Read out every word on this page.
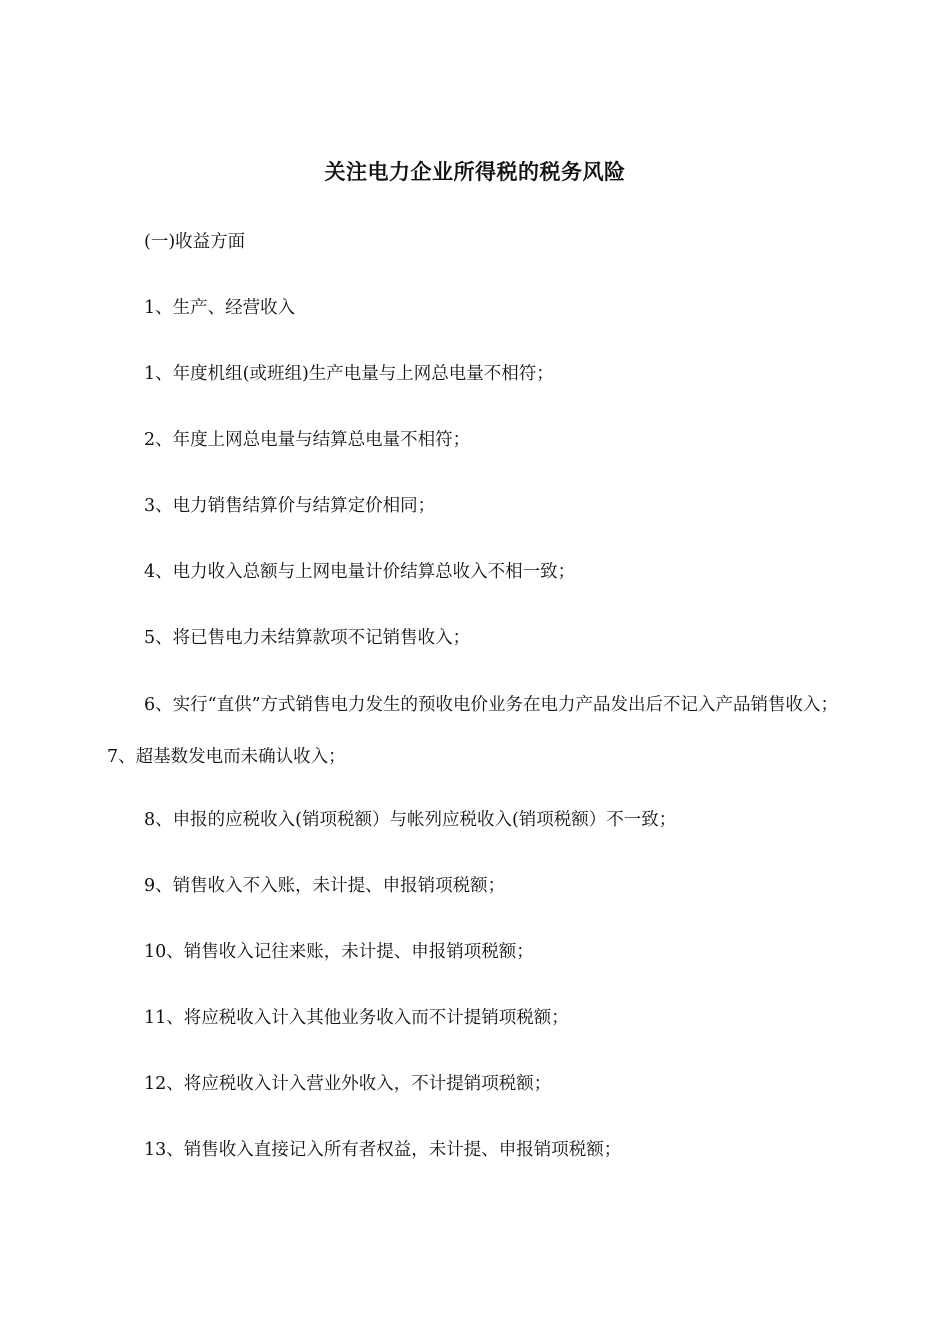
关注电力企业所得税的税务风险
(一)收益方面
1、生产、经营收入
1、年度机组(或班组)生产电量与上网总电量不相符；
2、年度上网总电量与结算总电量不相符；
3、电力销售结算价与结算定价相同；
4、电力收入总额与上网电量计价结算总收入不相一致；
5、将已售电力未结算款项不记销售收入；
6、实行“直供”方式销售电力发生的预收电价业务在电力产品发出后不记入产品销售收入；7、超基数发电而未确认收入；
8、申报的应税收入(销项税额）与帐列应税收入(销项税额）不一致；
9、销售收入不入账，未计提、申报销项税额；
10、销售收入记往来账，未计提、申报销项税额；
11、将应税收入计入其他业务收入而不计提销项税额；
12、将应税收入计入营业外收入，不计提销项税额；
13、销售收入直接记入所有者权益，未计提、申报销项税额；
